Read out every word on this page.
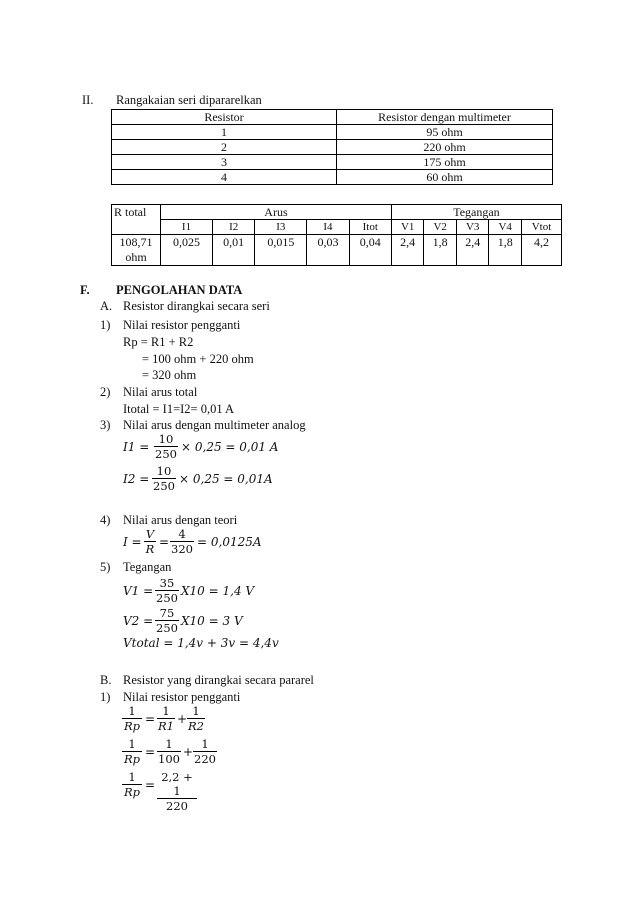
II. Rangakaian seri dipararelkan
Resistor	Resistor dengan multimeter
1	95 ohm
2	220 ohm
3	175 ohm
4	60 ohm
R total	Arus					Tegangan				
	I1	I2	I3	I4	Itot	V1	V2	V3	V4	Vtot
108,71 ohm	0,025	0,01	0,015	0,03	0,04	2,4	1,8	2,4	1,8	4,2
F. PENGOLAHAN DATA
A. Resistor dirangkai secara seri
1) Nilai resistor pengganti
Rp = R1 + R2
= 100 ohm + 220 ohm
= 320 ohm
2) Nilai arus total
Itotal = I1=I2= 0,01 A
3) Nilai arus dengan multimeter analog
$I1 = \frac{10}{250} \times 0,25 = 0,01$ A
$I2 = \frac{10}{250} \times 0,25 = 0,01A$
4) Nilai arus dengan teori
$I = \frac{V}{R} = \frac{4}{320} = 0,0125A$
5) Tegangan
$V1 = \frac{35}{250} X10 = 1,4$ V
$V2 = \frac{75}{250} X10 = 3$ V
Vtotal = 1,4v + 3v = 4,4v
B. Resistor yang dirangkai secara pararel
1) Nilai resistor pengganti
$\frac{1}{Rp} = \frac{1}{R1} + \frac{1}{R2}$
$\frac{1}{Rp} = \frac{1}{100} + \frac{1}{220}$
$\frac{1}{Rp} = \frac{2,2 + 1}{220}$
